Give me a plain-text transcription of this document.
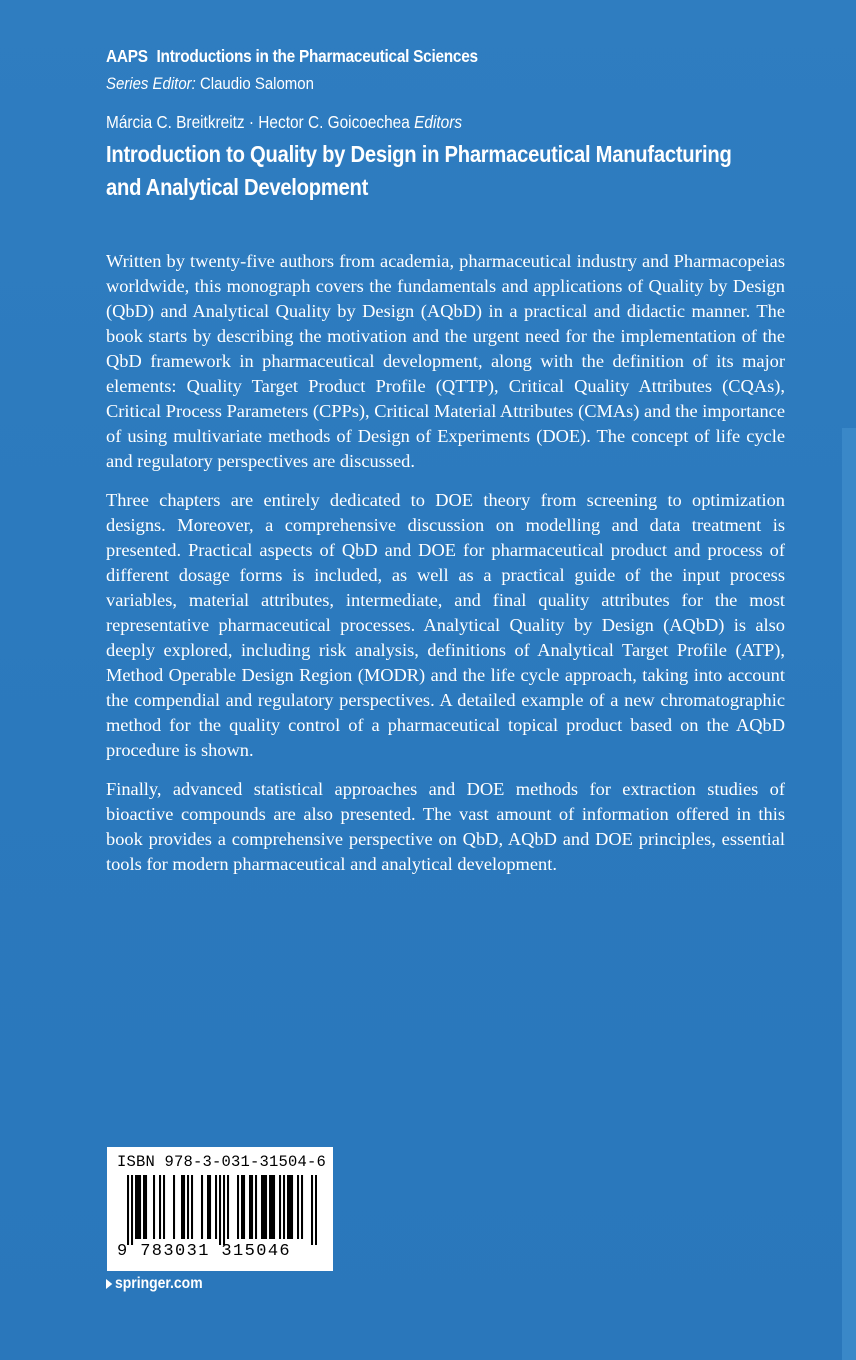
AAPS Introductions in the Pharmaceutical Sciences
Series Editor: Claudio Salomon
Márcia C. Breitkreitz · Hector C. Goicoechea Editors
Introduction to Quality by Design in Pharmaceutical Manufacturing
and Analytical Development

Written by twenty-five authors from academia, pharmaceutical industry and Pharmacopeias worldwide, this monograph covers the fundamentals and applications of Quality by Design (QbD) and Analytical Quality by Design (AQbD) in a practical and didactic manner. The book starts by describing the motivation and the urgent need for the implementation of the QbD framework in pharmaceutical development, along with the definition of its major elements: Quality Target Product Profile (QTTP), Critical Quality Attributes (CQAs), Critical Process Parameters (CPPs), Critical Material Attributes (CMAs) and the importance of using multivariate methods of Design of Experiments (DOE). The concept of life cycle and regulatory perspectives are discussed.

Three chapters are entirely dedicated to DOE theory from screening to optimization designs. Moreover, a comprehensive discussion on modelling and data treatment is presented. Practical aspects of QbD and DOE for pharmaceutical product and process of different dosage forms is included, as well as a practical guide of the input process variables, material attributes, intermediate, and final quality attributes for the most representative pharmaceutical processes. Analytical Quality by Design (AQbD) is also deeply explored, including risk analysis, definitions of Analytical Target Profile (ATP), Method Operable Design Region (MODR) and the life cycle approach, taking into account the compendial and regulatory perspectives. A detailed example of a new chromatographic method for the quality control of a pharmaceutical topical product based on the AQbD procedure is shown.

Finally, advanced statistical approaches and DOE methods for extraction studies of bioactive compounds are also presented. The vast amount of information offered in this book provides a comprehensive perspective on QbD, AQbD and DOE principles, essential tools for modern pharmaceutical and analytical development.

ISBN 978-3-031-31504-6
9 783031 315046
springer.com
